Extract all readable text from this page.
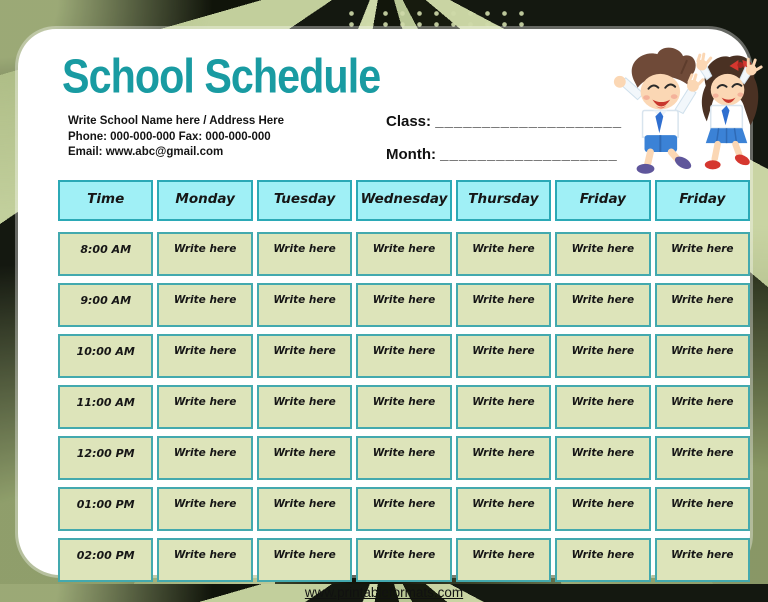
School Schedule
Write School Name here / Address Here
Phone: 000-000-000 Fax: 000-000-000
Email: www.abc@gmail.com
Class: ____________________
Month: ___________________
Time	Monday	Tuesday	Wednesday	Thursday	Friday	Friday
8:00 AM	Write here	Write here	Write here	Write here	Write here	Write here
9:00 AM	Write here	Write here	Write here	Write here	Write here	Write here
10:00 AM	Write here	Write here	Write here	Write here	Write here	Write here
11:00 AM	Write here	Write here	Write here	Write here	Write here	Write here
12:00 PM	Write here	Write here	Write here	Write here	Write here	Write here
01:00 PM	Write here	Write here	Write here	Write here	Write here	Write here
02:00 PM	Write here	Write here	Write here	Write here	Write here	Write here
www.printableformats.com
